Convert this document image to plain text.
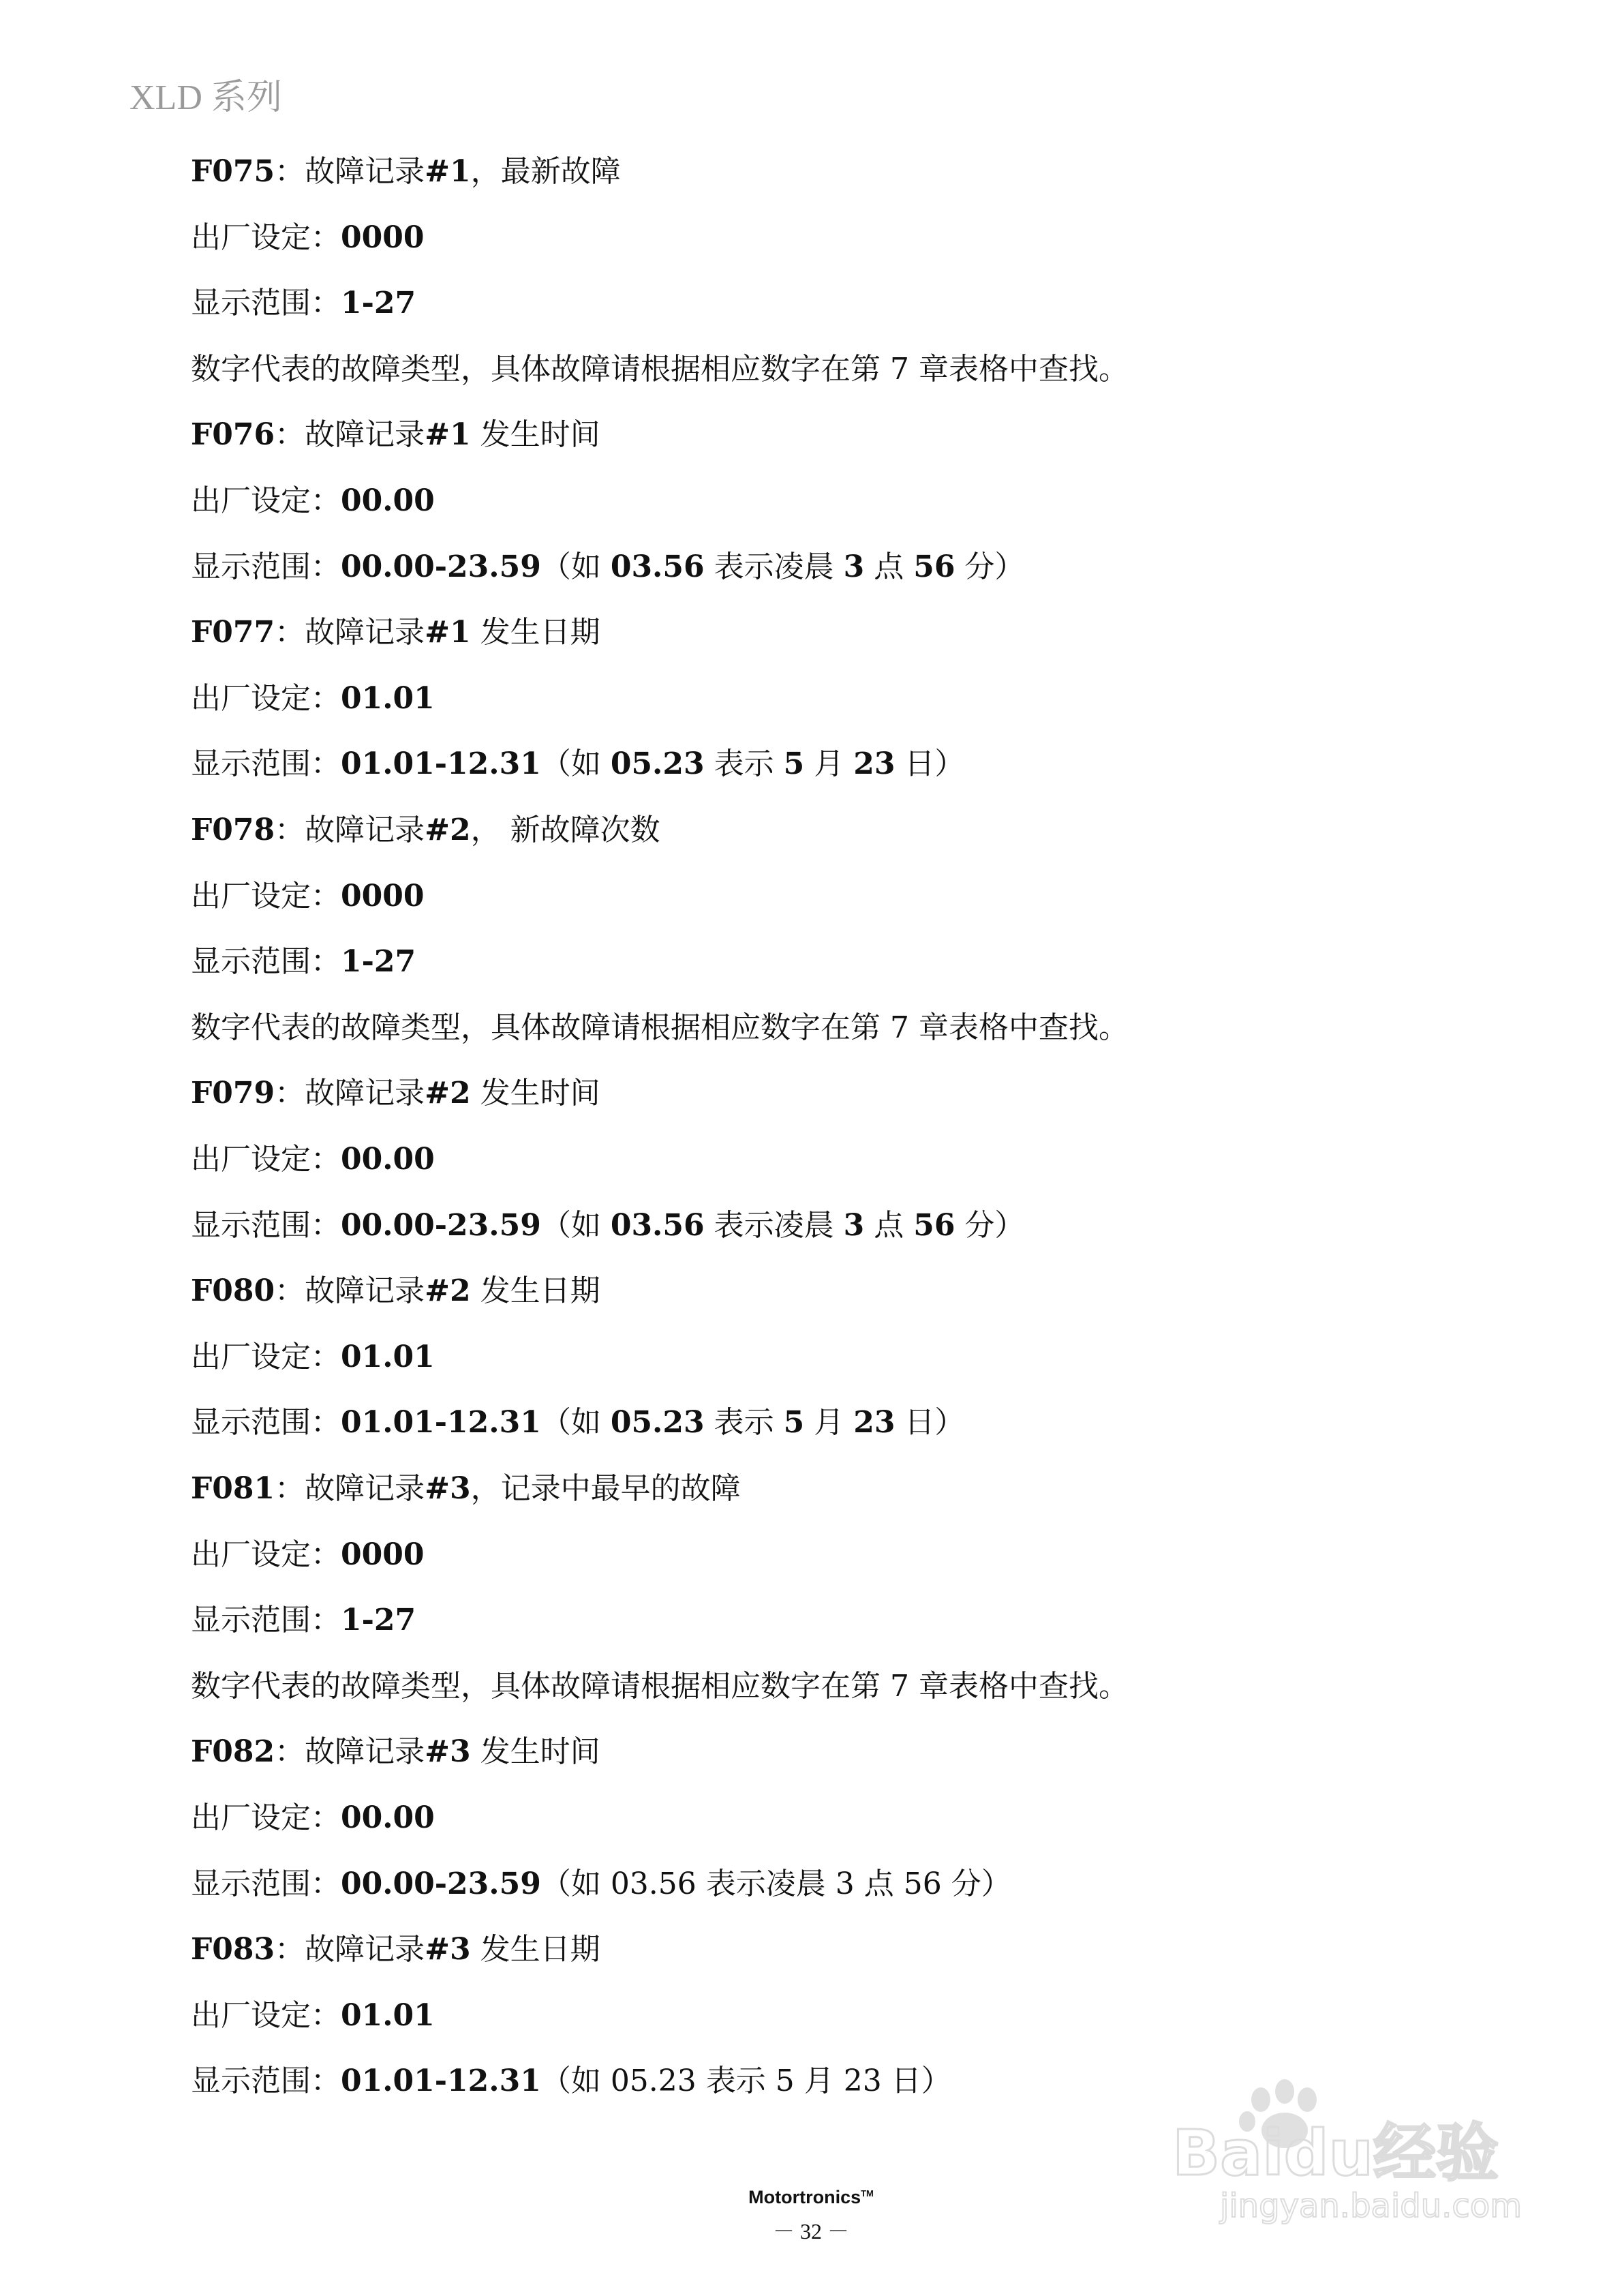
XLD 系列
F075：故障记录#1，最新故障
出厂设定：0000
显示范围：1-27
数字代表的故障类型，具体故障请根据相应数字在第 7 章表格中查找。
F076：故障记录#1 发生时间
出厂设定：00.00
显示范围：00.00-23.59（如 03.56 表示凌晨 3 点 56 分）
F077：故障记录#1 发生日期
出厂设定：01.01
显示范围：01.01-12.31（如 05.23 表示 5 月 23 日）
F078：故障记录#2， 新故障次数
出厂设定：0000
显示范围：1-27
数字代表的故障类型，具体故障请根据相应数字在第 7 章表格中查找。
F079：故障记录#2 发生时间
出厂设定：00.00
显示范围：00.00-23.59（如 03.56 表示凌晨 3 点 56 分）
F080：故障记录#2 发生日期
出厂设定：01.01
显示范围：01.01-12.31（如 05.23 表示 5 月 23 日）
F081：故障记录#3，记录中最早的故障
出厂设定：0000
显示范围：1-27
数字代表的故障类型，具体故障请根据相应数字在第 7 章表格中查找。
F082：故障记录#3 发生时间
出厂设定：00.00
显示范围：00.00-23.59（如 03.56 表示凌晨 3 点 56 分）
F083：故障记录#3 发生日期
出厂设定：01.01
显示范围：01.01-12.31（如 05.23 表示 5 月 23 日）
Baidu经验
jingyan.baidu.com
Motortronics™
－ 32 －
